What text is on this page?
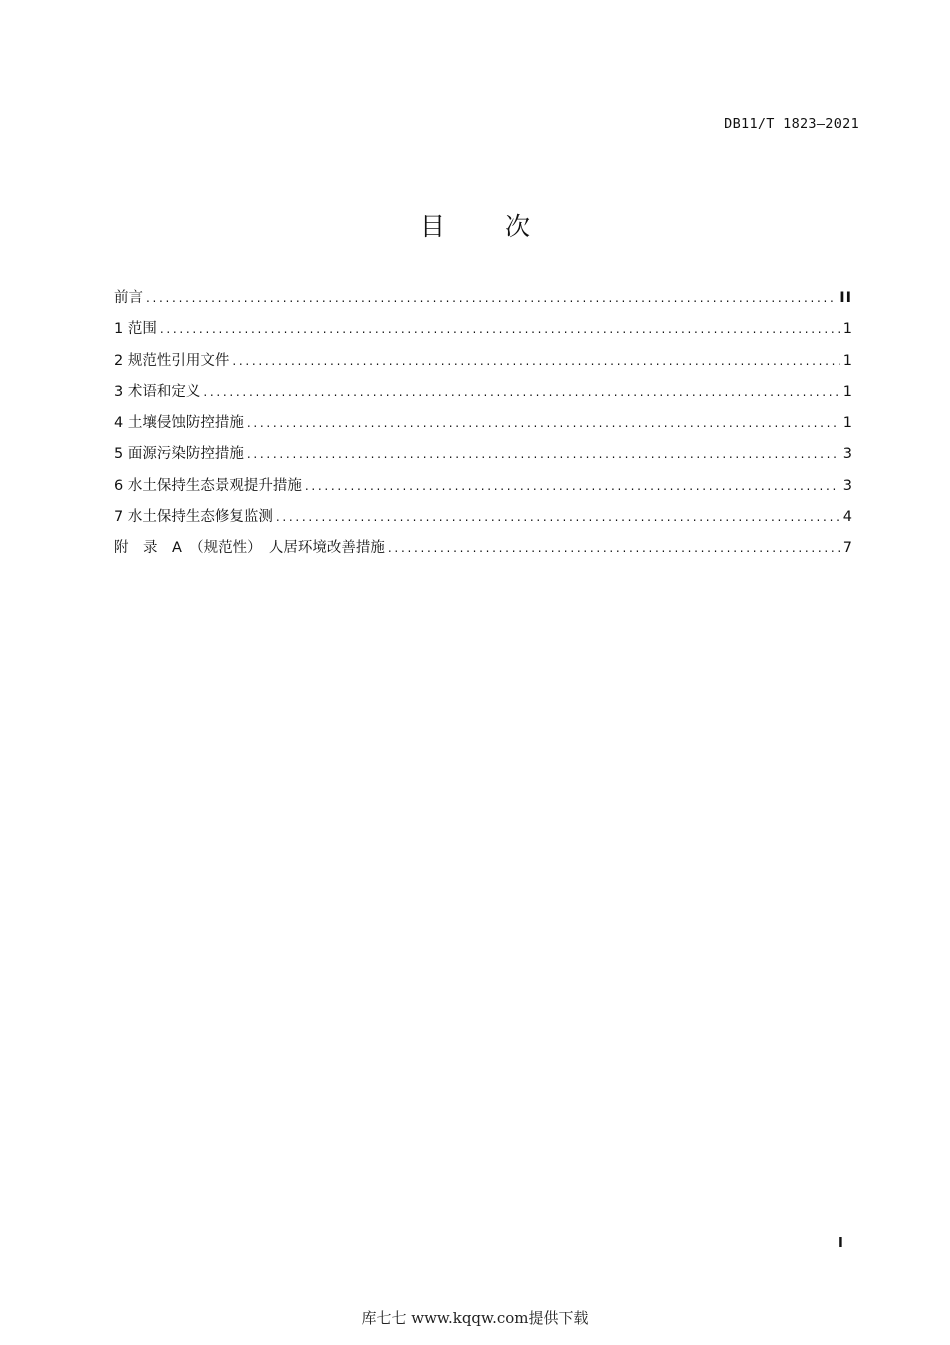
DB11/T 1823—2021
目 次
前言 .....	II
1 范围 .....	1
2 规范性引用文件 .....	1
3 术语和定义 .....	1
4 土壤侵蚀防控措施 .....	1
5 面源污染防控措施 .....	3
6 水土保持生态景观提升措施 .....	3
7 水土保持生态修复监测 .....	4
附　录　A　（规范性）　人居环境改善措施 .....	7
I
库七七 www.kqqw.com提供下载
